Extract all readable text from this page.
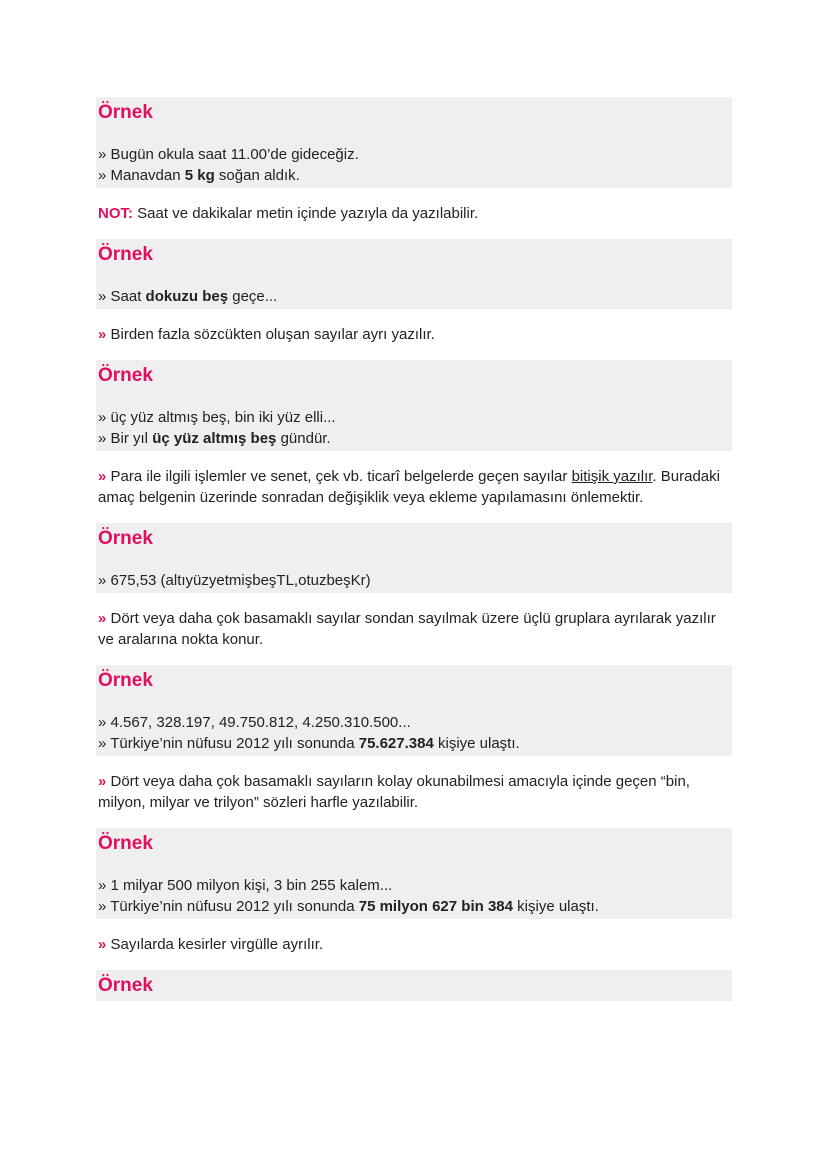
Örnek
» Bugün okula saat 11.00’de gideceğiz.
» Manavdan 5 kg soğan aldık.
NOT: Saat ve dakikalar metin içinde yazıyla da yazılabilir.
Örnek
» Saat dokuzu beş geçe...
» Birden fazla sözcükten oluşan sayılar ayrı yazılır.
Örnek
» üç yüz altmış beş, bin iki yüz elli...
» Bir yıl üç yüz altmış beş gündür.
» Para ile ilgili işlemler ve senet, çek vb. ticarî belgelerde geçen sayılar bitişik yazılır. Buradaki amaç belgenin üzerinde sonradan değişiklik veya ekleme yapılamasını önlemektir.
Örnek
» 675,53 (altıyüzyetmişbeşTL,otuzbeşKr)
» Dört veya daha çok basamaklı sayılar sondan sayılmak üzere üçlü gruplara ayrılarak yazılır ve aralarına nokta konur.
Örnek
» 4.567, 328.197, 49.750.812, 4.250.310.500...
» Türkiye’nin nüfusu 2012 yılı sonunda 75.627.384 kişiye ulaştı.
» Dört veya daha çok basamaklı sayıların kolay okunabilmesi amacıyla içinde geçen “bin, milyon, milyar ve trilyon” sözleri harfle yazılabilir.
Örnek
» 1 milyar 500 milyon kişi, 3 bin 255 kalem...
» Türkiye’nin nüfusu 2012 yılı sonunda 75 milyon 627 bin 384 kişiye ulaştı.
» Sayılarda kesirler virgülle ayrılır.
Örnek
